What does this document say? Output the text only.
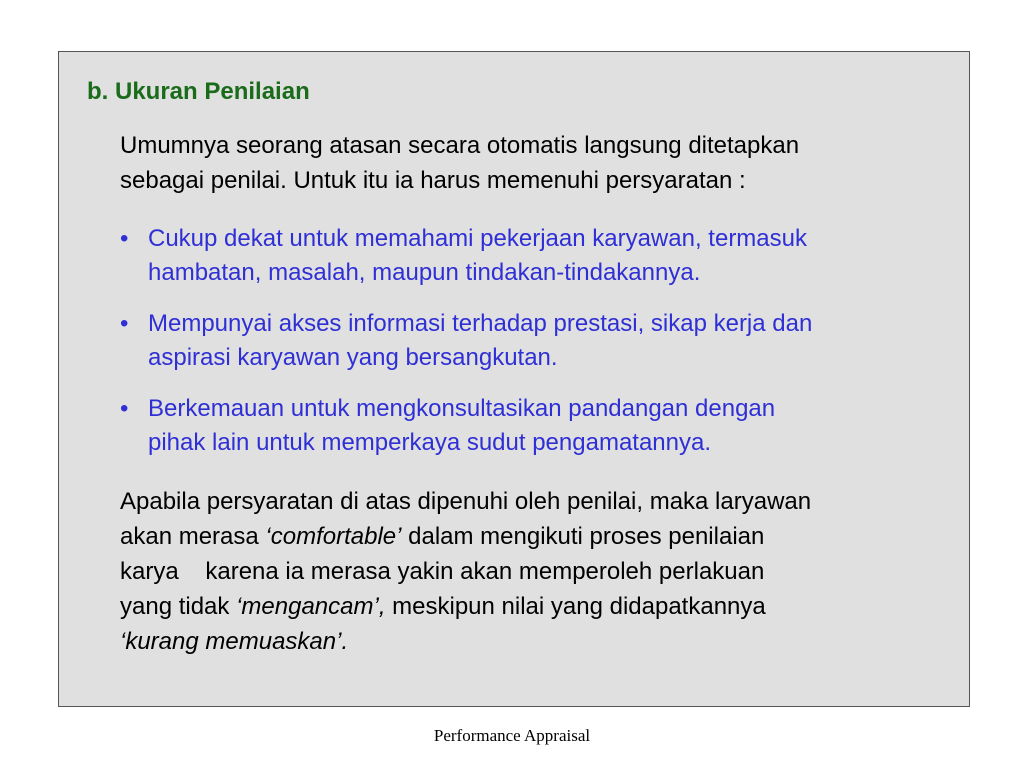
b. Ukuran Penilaian

Umumnya seorang atasan secara otomatis langsung ditetapkan
sebagai penilai. Untuk itu ia harus memenuhi persyaratan :

• Cukup dekat untuk memahami pekerjaan karyawan, termasuk
hambatan, masalah, maupun tindakan-tindakannya.
• Mempunyai akses informasi terhadap prestasi, sikap kerja dan
aspirasi karyawan yang bersangkutan.
• Berkemauan untuk mengkonsultasikan pandangan dengan
pihak lain untuk memperkaya sudut pengamatannya.

Apabila persyaratan di atas dipenuhi oleh penilai, maka laryawan
akan merasa ‘comfortable’ dalam mengikuti proses penilaian
karya    karena ia merasa yakin akan memperoleh perlakuan
yang tidak ‘mengancam’, meskipun nilai yang didapatkannya
‘kurang memuaskan’.

Performance Appraisal
